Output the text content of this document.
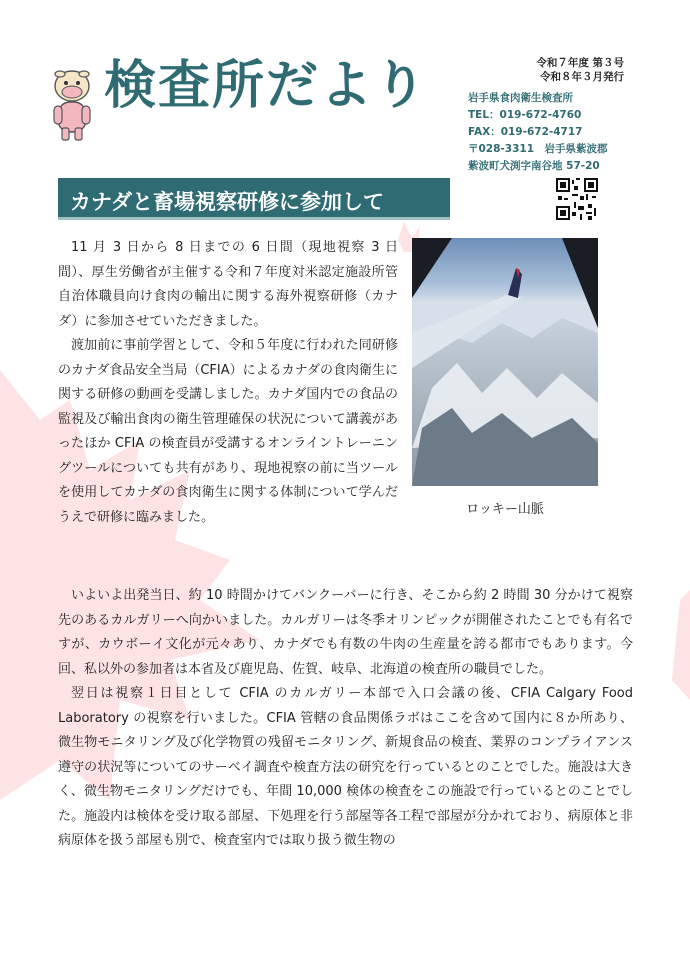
検査所だより	令和７年度 第３号
令和８年３月発行
岩手県食肉衛生検査所
TEL：019-672-4760
FAX：019-672-4717
〒028-3311　岩手県紫波郡
紫波町犬渕字南谷地 57-20
カナダと畜場視察研修に参加して
ロッキー山脈

11 月 3 日から 8 日までの 6 日間（現地視察 3 日間）、厚生労働省が主催する令和７年度対米認定施設所管自治体職員向け食肉の輸出に関する海外視察研修（カナダ）に参加させていただきました。

渡加前に事前学習として、令和５年度に行われた同研修のカナダ食品安全当局（CFIA）によるカナダの食肉衛生に関する研修の動画を受講しました。カナダ国内での食品の監視及び輸出食肉の衛生管理確保の状況について講義があったほか CFIA の検査員が受講するオンライントレーニングツールについても共有があり、現地視察の前に当ツールを使用してカナダの食肉衛生に関する体制について学んだうえで研修に臨みました。

いよいよ出発当日、約 10 時間かけてバンクーバーに行き、そこから約 2 時間 30 分かけて視察先のあるカルガリーへ向かいました。カルガリーは冬季オリンピックが開催されたことでも有名ですが、カウボーイ文化が元々あり、カナダでも有数の牛肉の生産量を誇る都市でもあります。今回、私以外の参加者は本省及び鹿児島、佐賀、岐阜、北海道の検査所の職員でした。

翌日は視察１日目として CFIA のカルガリー本部で入口会議の後、CFIA Calgary Food Laboratory の視察を行いました。CFIA 管轄の食品関係ラボはここを含めて国内に８か所あり、微生物モニタリング及び化学物質の残留モニタリング、新規食品の検査、業界のコンプライアンス遵守の状況等についてのサーベイ調査や検査方法の研究を行っているとのことでした。施設は大きく、微生物モニタリングだけでも、年間 10,000 検体の検査をこの施設で行っているとのことでした。施設内は検体を受け取る部屋、下処理を行う部屋等各工程で部屋が分かれており、病原体と非病原体を扱う部屋も別で、検査室内では取り扱う微生物の
